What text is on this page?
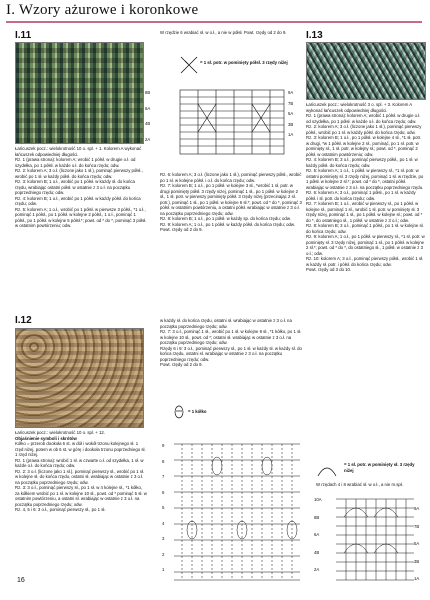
I. Wzory ażurowe i koronkowe
I.11
Łańcuszek pocz.: wielokrotność 10 o. spl. + 1. Kolorem A wykonać łańcuszek odpowiedniej długości.
Rz. 1 (prawa strona): kolorem A; wrobić 1 półsł. w drugie o.ł. od szydełka, po 1 półsł. w każde o.ł. do końca rzędu; odw.
Rz. 2: kolorem A; 3 o.ł. (liczone jako 1 sł.), pominąć pierwszy półsł., wrobić po 1 sł. w każdy półsł. do końca rzędu; odw.
Rz. 3: kolorem B; 1 o.ł., wrobić po 1 półsł. w każdy sł. do końca rzędu, wrabiając ostatni półsł. w ostatnie z 3 o.ł. na początku poprzedniego rzędu; odw.
Rz. 4: kolorem B; 1 o.ł., wrobić po 1 półsł. w każdy półsł. do końca rzędu; odw.
Rz. 5: kolorem A; 1 o.ł., wrobić po 1 półsł. w pierwsze 3 półsł., *1 o.ł., pominąć 1 półsł., po 1 półsł. w kolejne 2 półsł., 1 o.ł., pominąć 1 półsł., po 1 półsł. w kolejne 5 półsł.*; powt. od * do *, pominąć 3 półsł. w ostatnim powtórzeniu; odw.
W rzędzie 6 wrabiać sł. w o.ł., a nie w półsł. Powt. rzędy od 2 do 9.
= 1 sł. potr. w pominięty półsł. 3 rzędy niżej
8B
6A
4B
2A
9A
7B
5A
3B
1A
Rz. 6: kolorem A; 3 o.ł. (liczone jako 1 sł.), pominąć pierwszy półsł., wrobić po 1 sł. w kolejne półsł. i o.ł. do końca rzędu; odw.
Rz. 7: kolorem B; 1 o.ł., po 1 półsł. w kolejne 3 sł., *wrobić 1 sł. potr. w drugi pominięty półsł. 3 rzędy niżej, pominąć 1 sł., po 1 półsł. w kolejne 2 sł., 1 sł. potr. w pierwszy pominięty półsł. 3 rzędy niżej (przecinając 2 sł. potr.), pominąć 1 sł., po 1 półsł. w kolejne 6 sł.*; powt. od * do *, pominąć 3 półsł. w ostatnim powtórzeniu, a ostatni półsł. wrabiając w ostatnie z 3 o.ł. na początku poprzedniego rzędu; odw.
Rz. 8: kolorem B; 1 o.ł., po 1 półsł. w każdy sp. do końca rzędu; odw.
Rz. 9: kolorem A; 1 o.ł., po 1 półsł. w każdy półsł. do końca rzędu; odw. Powt. rzędy od 2 do 9.
I.12
Łańcuszek pocz.: wielokrotność 10 o. spl. + 12.
Objaśnienie symboli i skrótów
Kółko = przerob dookoła 6 st. w dół i wokół trzonu kolejnego sł. 1 rzęd niżej, potem w ob 6 st. w górę i dookoła trzonu poprzedniego sł. 1 rzęd niżej.
Rz. 1 (prawa strona): wrobić 1 sł. w czwarte o.ł. od szydełka, 1 sł. w każde o.ł. do końca rzędu; odw.
Rz. 2: 3 o.ł. (liczone jako 1 sł.), pominąć pierwszy sł., wrobić po 1 sł. w kolejne sł. do końca rzędu, ostatni sł. wrabiając w ostatnie z 3 o.ł. na początku poprzedniego rzędu; odw.
Rz. 3: 3 o.ł., pominąć pierwszy sł., po 1 sł. w 4 kolejne sł., *1 kółko, za kółkiem wrobić po 1 sł. w kolejne 10 sł., powt. od * pominąć 5 sł. w ostatnim powtórzeniu, a ostatni sł. wrabiając w ostatnie z 3 o.ł. na początku poprzedniego rzędu; odw.
Rz. 4, 5 i 6: 3 o.ł., pominąć pierwszy sł., po 1 sł.
w każdy sł. do końca rzędu, ostatni sł. wrabiając w ostatnie z 3 o.ł. na początku poprzedniego rzędu; odw.
Rz. 7: 3 o.ł., pominąć 1 sł., wrobić po 1 sł. w kolejne 9 sł., *1 kółko, po 1 sł. w kolejne 10 sł., powt. od *; ostatni sł. wrabiając w ostatnie z 3 o.ł. na początku poprzedniego rzędu; odw.
Rzędy 6 i 9: 3 o.ł., pominąć pierwszy sł., po 1 sł. w każdy sł. w każdy sł. do końca rzędu, ostatni sł. wrabiając w ostatnie z 3 o.ł. na początku poprzedniego rzędu; odw.
Powt. rzędy od 2 do 9.
= 1 kółko
9
8
7
6
5
4
3
2
1
I.13
Łańcuszek pocz.: wielokrotność 3 o. spl. + 3. Kolorem A wykonać łańcuszek odpowiedniej długości.
Rz. 1 (prawa strona): kolorem A; wrobić 1 półsł. w drugie o.ł. od szydełka, po 1 półsł. w każde o.ł. do końca rzędu; odw.
Rz. 2: kolorem A; 3 o.ł. (liczone jako 1 sł.), pominąć pierwszy półsł., wrobić po 1 sł. w każdy półsł. do końca rzędu; odw.
Rz. 3: kolorem B; 1 o.ł., po 1 półsł. w kolejne 4 sł., *1 sł. potr. w drugi, *w 1 półsł. w kolejne 2 sł., pominąć, po 1 sł. potr. w pominięty sł., 1 sł. potr. w kolejny sł.; powt. od *, pominąć 2 półsł. w ostatnim powtórzeniu; odw.
Rz. 4: kolorem B; 3 o.ł., pominąć pierwszy półsł., po 1 sł. w każdy półsł. do końca rzędu; odw.
Rz. 5: kolorem A; 1 o.ł., 1 półsł. w pierwszy sł., *1 sł. potr. w ostatni pominięty sł. 3 rzędy niżej, pominąć 1 sł. w rzędzie, po 1 półsł. w kolejne 2 sł.*; powt. od * do *, ostatni półsł. wrabiając w ostatnie z 3 o.ł. na początku poprzedniego rzędu.
Rz. 6: kolorem A; 3 o.ł., pominąć 1 półsł., po 1 sł. w każdy półsł. i sł. potr. do końca rzędu; odw.
Rz. 7: kolorem B; 1 o.ł., wrobić w pierwszy sł., po 1 półsł. w kolejne sł., pominąć 1 sł., wrobić 1 sł. potr. w pominięty sł. 3 rzędy niżej, pominąć 1 sł., po 1 półsł. w kolejne sł.; powt. od * do *, do ostatniego sł., 1 półsł. w ostatnie z 3 o.ł.; odw.
Rz. 8: kolorem B; 3 o.ł., pominąć 1 półsł., po 1 sł. w kolejne sł. do końca rzędu; odw.
Rz. 9: kolorem A; 1 o.ł., po 1 półsł. w pierwszy sł., *1 sł. potr. w pominięty sł. 3 rzędy niżej, pominąć 1 sł., po 1 półsł. w kolejne 2 sł.*; powt. od * do *, do ostatniego sł., 1 półsł. w ostatnie z 3 o.ł.; odw.
Rz. 10: kolorem A; 3 o.ł., pominąć pierwszy półsł., wrobić 1 sł. w każdy sł. potr. i półsł. do końca rzędu; odw.
Powt. rzędy od 3 do 10.
= 1 sł. potr. w pominięty sł. 3 rzędy niżej
W rzędach 4 i 8 wrabiać sł. w o.ł., a nie m.spł.
10A
8B
6A
4B
2A
9A
7B
5A
3B
1A
16
